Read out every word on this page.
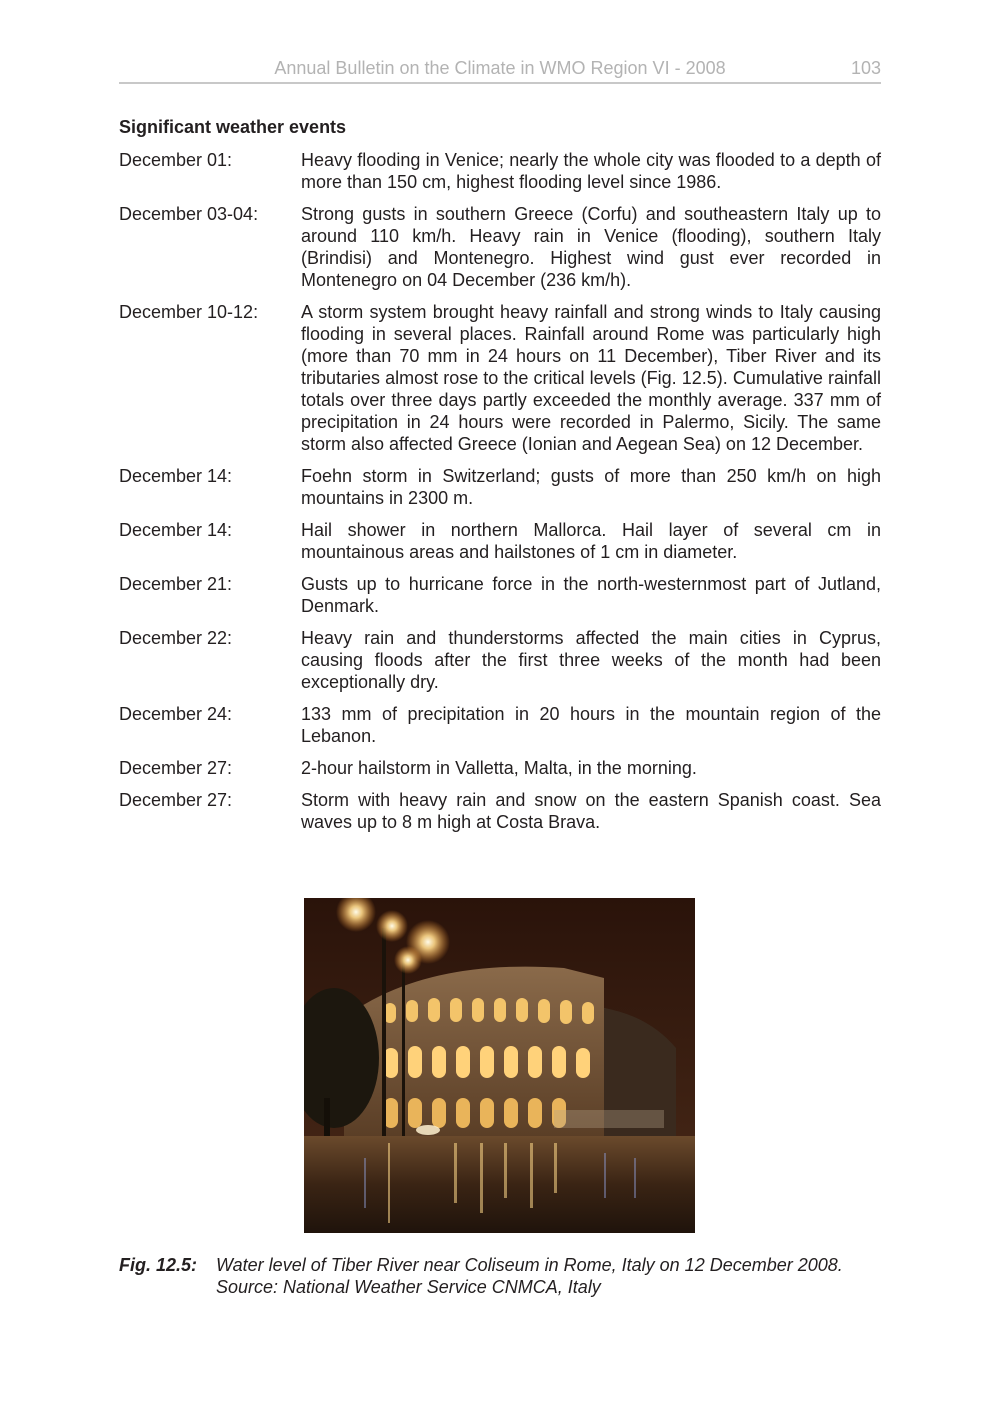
Annual Bulletin on the Climate in WMO Region VI - 2008	103
Significant weather events
December 01:	Heavy flooding in Venice; nearly the whole city was flooded to a depth of more than 150 cm, highest flooding level since 1986.
December 03-04:	Strong gusts in southern Greece (Corfu) and southeastern Italy up to around 110 km/h. Heavy rain in Venice (flooding), southern Italy (Brindisi) and Montenegro. Highest wind gust ever recorded in Montenegro on 04 December (236 km/h).
December 10-12:	A storm system brought heavy rainfall and strong winds to Italy causing flooding in several places. Rainfall around Rome was particularly high (more than 70 mm in 24 hours on 11 December), Tiber River and its tributaries almost rose to the critical levels (Fig. 12.5). Cumulative rainfall totals over three days partly exceeded the monthly average. 337 mm of precipitation in 24 hours were recorded in Palermo, Sicily. The same storm also affected Greece (Ionian and Aegean Sea) on 12 December.
December 14:	Foehn storm in Switzerland; gusts of more than 250 km/h on high mountains in 2300 m.
December 14:	Hail shower in northern Mallorca. Hail layer of several cm in mountainous areas and hailstones of 1 cm in diameter.
December 21:	Gusts up to hurricane force in the north-westernmost part of Jutland, Denmark.
December 22:	Heavy rain and thunderstorms affected the main cities in Cyprus, causing floods after the first three weeks of the month had been exceptionally dry.
December 24:	133 mm of precipitation in 20 hours in the mountain region of the Lebanon.
December 27:	2-hour hailstorm in Valletta, Malta, in the morning.
December 27:	Storm with heavy rain and snow on the eastern Spanish coast. Sea waves up to 8 m high at Costa Brava.
Fig. 12.5:	Water level of Tiber River near Coliseum in Rome, Italy on 12 December 2008.
Source: National Weather Service CNMCA, Italy
